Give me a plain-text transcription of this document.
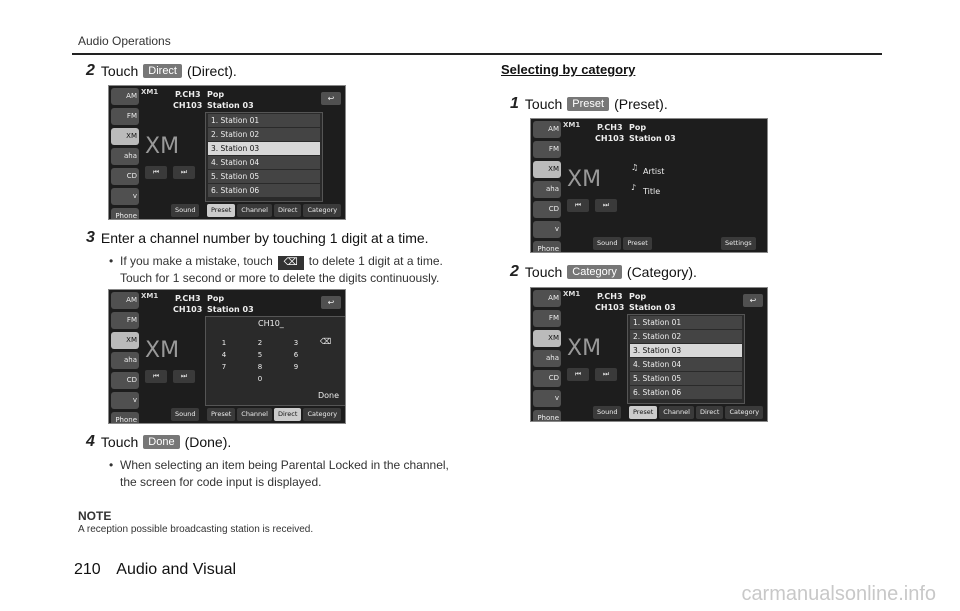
Audio Operations
2 Touch Direct (Direct).
AM
FM
XM
aha
CD
v
Phone
XM1 P.CH3
CH103
Pop
Station 03
↩
XM
⏮	⏭
Sound
1. Station 01
2. Station 02
3. Station 03
4. Station 04
5. Station 05
6. Station 06
Preset	Channel	Direct	Category
3 Enter a channel number by touching 1 digit at a time.
• If you make a mistake, touch ⌫ to delete 1 digit at a time.
Touch for 1 second or more to delete the digits continuously.
AM
FM
XM
aha
CD
v
Phone
XM1 P.CH3
CH103
Pop
Station 03
↩
XM
⏮	⏭
Sound
CH10_
⌫
1	2	3
4	5	6
7	8	9
0
Done
Preset	Channel	Direct	Category
4 Touch Done (Done).
• When selecting an item being Parental Locked in the channel,
the screen for code input is displayed.
NOTE
A reception possible broadcasting station is received.
Selecting by category
1 Touch Preset (Preset).
AM
FM
XM
aha
CD
v
Phone
XM1 P.CH3
CH103
Pop
Station 03
XM
⏮	⏭
♫ Artist
♪ Title
Sound	Preset	Settings
2 Touch Category (Category).
AM
FM
XM
aha
CD
v
Phone
XM1 P.CH3
CH103
Pop
Station 03
↩
XM
⏮	⏭
Sound
1. Station 01
2. Station 02
3. Station 03
4. Station 04
5. Station 05
6. Station 06
Preset	Channel	Direct	Category
210 Audio and Visual
carmanualsonline.info
